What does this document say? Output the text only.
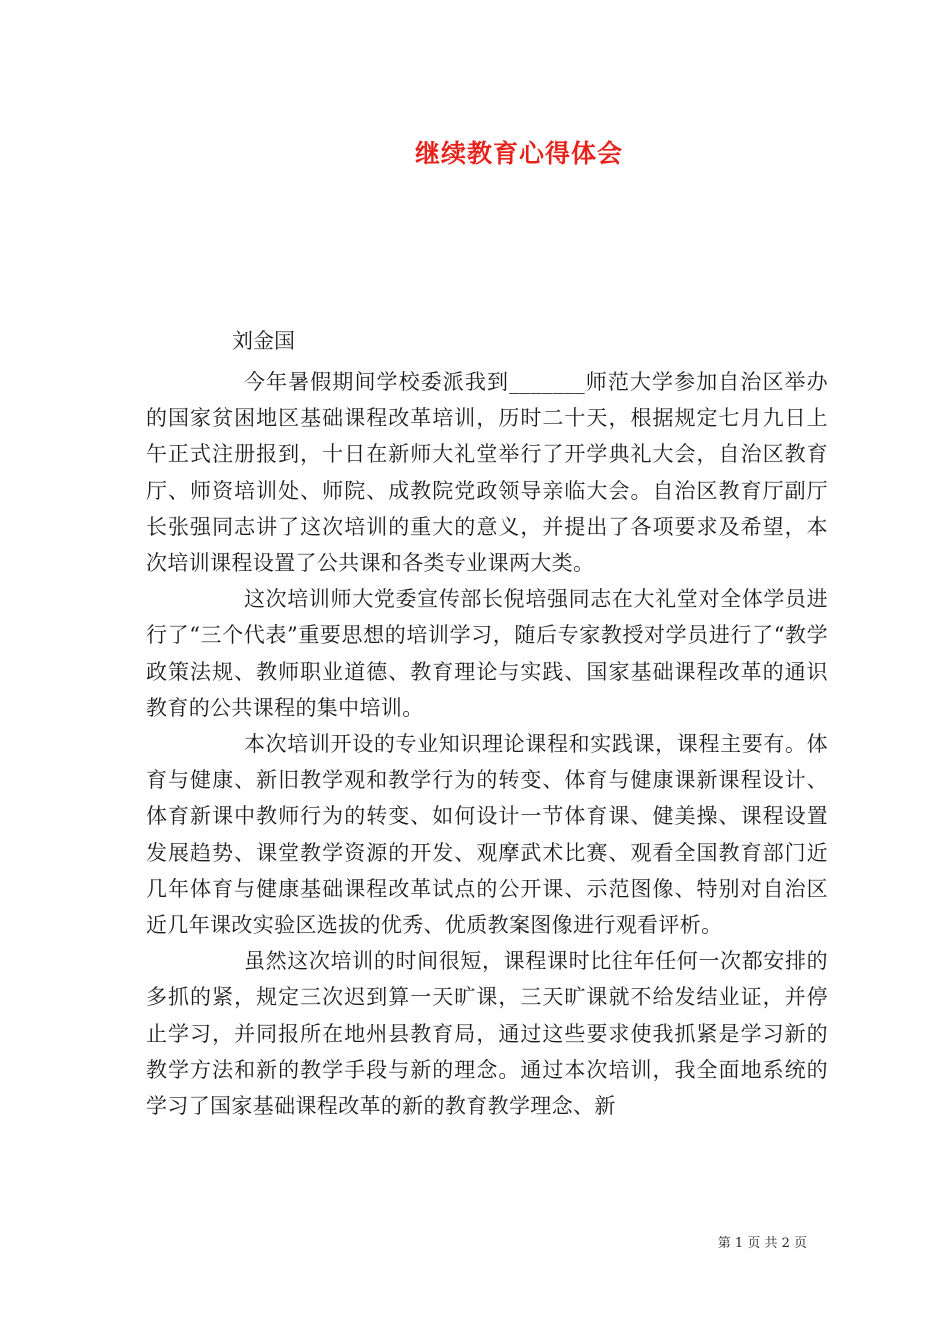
继续教育心得体会
刘金国

今年暑假期间学校委派我到_______师范大学参加自治区举办的国家贫困地区基础课程改革培训，历时二十天，根据规定七月九日上午正式注册报到，十日在新师大礼堂举行了开学典礼大会，自治区教育厅、师资培训处、师院、成教院党政领导亲临大会。自治区教育厅副厅长张强同志讲了这次培训的重大的意义，并提出了各项要求及希望，本次培训课程设置了公共课和各类专业课两大类。

这次培训师大党委宣传部长倪培强同志在大礼堂对全体学员进行了“三个代表”重要思想的培训学习，随后专家教授对学员进行了“教学政策法规、教师职业道德、教育理论与实践、国家基础课程改革的通识教育的公共课程的集中培训。

本次培训开设的专业知识理论课程和实践课，课程主要有。体育与健康、新旧教学观和教学行为的转变、体育与健康课新课程设计、体育新课中教师行为的转变、如何设计一节体育课、健美操、课程设置发展趋势、课堂教学资源的开发、观摩武术比赛、观看全国教育部门近几年体育与健康基础课程改革试点的公开课、示范图像、特别对自治区近几年课改实验区选拔的优秀、优质教案图像进行观看评析。

虽然这次培训的时间很短，课程课时比往年任何一次都安排的多抓的紧，规定三次迟到算一天旷课，三天旷课就不给发结业证，并停止学习，并同报所在地州县教育局，通过这些要求使我抓紧是学习新的教学方法和新的教学手段与新的理念。通过本次培训，我全面地系统的学习了国家基础课程改革的新的教育教学理念、新

第 1 页 共 2 页
